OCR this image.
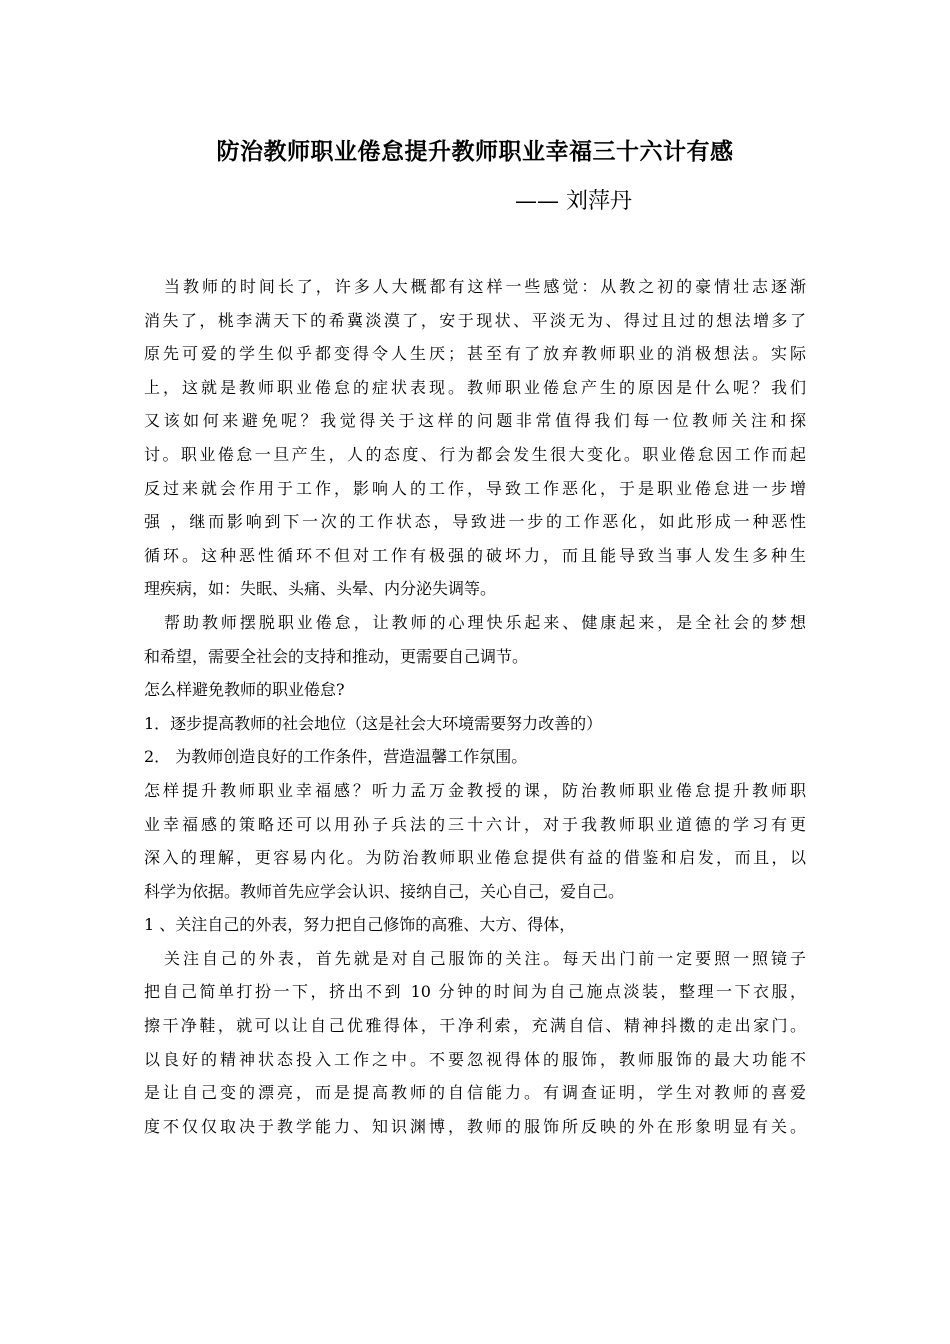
防治教师职业倦怠提升教师职业幸福三十六计有感
—— 刘萍丹
当教师的时间长了，许多人大概都有这样一些感觉：从教之初的豪情壮志逐渐
消失了，桃李满天下的希冀淡漠了，安于现状、平淡无为、得过且过的想法增多了
原先可爱的学生似乎都变得令人生厌；甚至有了放弃教师职业的消极想法。实际
上，这就是教师职业倦怠的症状表现。教师职业倦怠产生的原因是什么呢？我们
又该如何来避免呢？我觉得关于这样的问题非常值得我们每一位教师关注和探
讨。职业倦怠一旦产生，人的态度、行为都会发生很大变化。职业倦怠因工作而起
反过来就会作用于工作，影响人的工作，导致工作恶化，于是职业倦怠进一步增
强 ，继而影响到下一次的工作状态，导致进一步的工作恶化，如此形成一种恶性
循环。这种恶性循环不但对工作有极强的破坏力，而且能导致当事人发生多种生
理疾病，如：失眠、头痛、头晕、内分泌失调等。
帮助教师摆脱职业倦怠，让教师的心理快乐起来、健康起来，是全社会的梦想
和希望，需要全社会的支持和推动，更需要自己调节。
怎么样避免教师的职业倦怠?
1．逐步提高教师的社会地位（这是社会大环境需要努力改善的）
2． 为教师创造良好的工作条件，营造温馨工作氛围。
怎样提升教师职业幸福感？听力孟万金教授的课，防治教师职业倦怠提升教师职
业幸福感的策略还可以用孙子兵法的三十六计，对于我教师职业道德的学习有更
深入的理解，更容易内化。为防治教师职业倦怠提供有益的借鉴和启发，而且，以
科学为依据。教师首先应学会认识、接纳自己，关心自己，爱自己。
1 、关注自己的外表，努力把自己修饰的高雅、大方、得体，
关注自己的外表，首先就是对自己服饰的关注。每天出门前一定要照一照镜子
把自己简单打扮一下，挤出不到 10 分钟的时间为自己施点淡装，整理一下衣服，
擦干净鞋，就可以让自己优雅得体，干净利索，充满自信、精神抖擞的走出家门。
以良好的精神状态投入工作之中。不要忽视得体的服饰，教师服饰的最大功能不
是让自己变的漂亮，而是提高教师的自信能力。有调查证明，学生对教师的喜爱
度不仅仅取决于教学能力、知识渊博，教师的服饰所反映的外在形象明显有关。
